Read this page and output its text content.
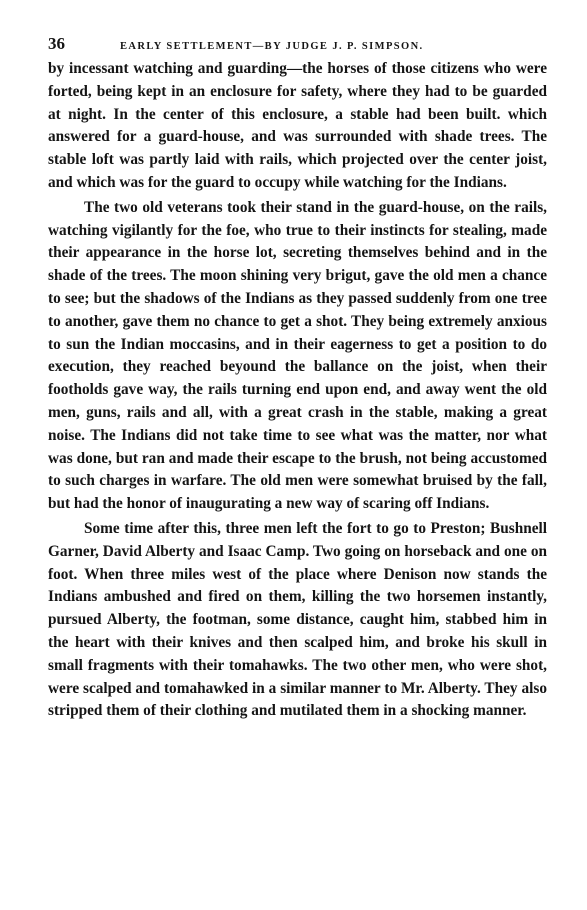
36	EARLY SETTLEMENT—BY JUDGE J. P. SIMPSON.

by incessant watching and guarding—the horses of those citizens who were forted, being kept in an enclosure for safety, where they had to be guarded at night. In the center of this enclosure, a stable had been built. which answered for a guard-house, and was surrounded with shade trees. The stable loft was partly laid with rails, which projected over the center joist, and which was for the guard to occupy while watching for the Indians.

The two old veterans took their stand in the guard-house, on the rails, watching vigilantly for the foe, who true to their instincts for stealing, made their appearance in the horse lot, secreting themselves behind and in the shade of the trees. The moon shining very brigut, gave the old men a chance to see; but the shadows of the Indians as they passed suddenly from one tree to another, gave them no chance to get a shot. They being extremely anxious to sun the Indian moccasins, and in their eagerness to get a position to do execution, they reached beyound the ballance on the joist, when their footholds gave way, the rails turning end upon end, and away went the old men, guns, rails and all, with a great crash in the stable, making a great noise. The Indians did not take time to see what was the matter, nor what was done, but ran and made their escape to the brush, not being accustomed to such charges in warfare. The old men were somewhat bruised by the fall, but had the honor of inaugurating a new way of scaring off Indians.

Some time after this, three men left the fort to go to Preston; Bushnell Garner, David Alberty and Isaac Camp. Two going on horseback and one on foot. When three miles west of the place where Denison now stands the Indians ambushed and fired on them, killing the two horsemen instantly, pursued Alberty, the footman, some distance, caught him, stabbed him in the heart with their knives and then scalped him, and broke his skull in small fragments with their tomahawks. The two other men, who were shot, were scalped and tomahawked in a similar manner to Mr. Alberty. They also stripped them of their clothing and mutilated them in a shocking manner.
